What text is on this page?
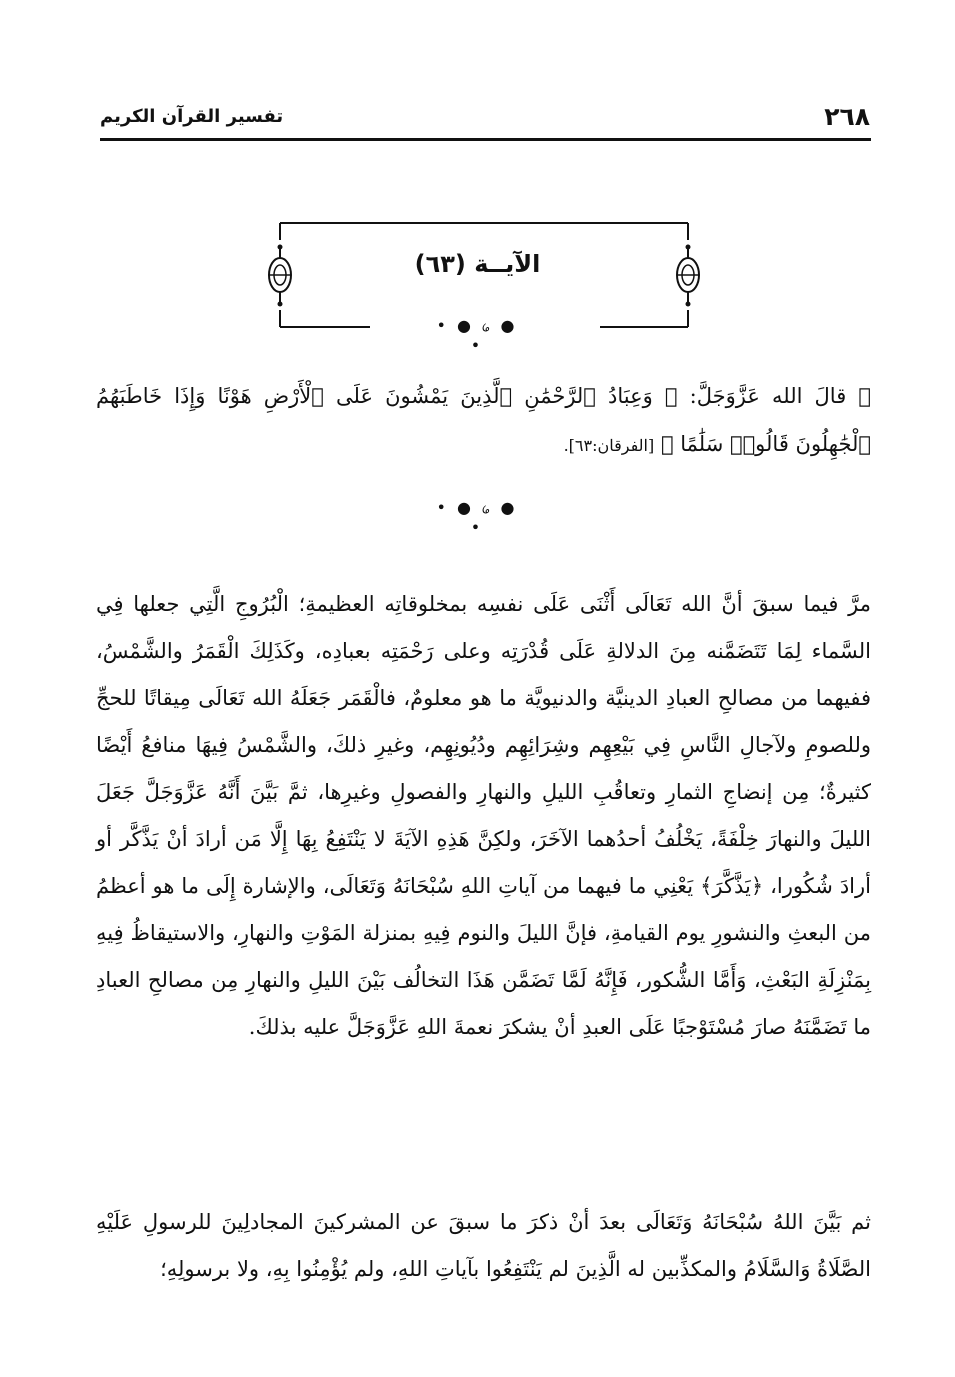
٢٦٨
تفسير القرآن الكريم
الآيــة (٦٣)
• ● ᥀ ● •
۞ قالَ الله عَزَّوَجَلَّ: ﴿ وَعِبَادُ ٱلرَّحْمَٰنِ ٱلَّذِينَ يَمْشُونَ عَلَى ٱلْأَرْضِ هَوْنًا وَإِذَا خَاطَبَهُمُ ٱلْجَٰهِلُونَ قَالُوا۟ سَلَٰمًا ﴾ [الفرقان:٦٣].
• ● ᥀ ● •

مرَّ فيما سبقَ أنَّ الله تَعَالَى أَثْنَى عَلَى نفسِه بمخلوقاتِه العظيمةِ؛ الْبُرُوجِ الَّتِي جعلها فِي السَّماء لِمَا تَتَضَمَّنه مِنَ الدلالةِ عَلَى قُدْرَتِه وعلى رَحْمَتِه بعبادِه، وكَذَلِكَ الْقَمَرُ والشَّمْسُ، ففيهما من مصالحِ العبادِ الدينيَّة والدنيويَّة ما هو معلومٌ، فالْقَمَر جَعَلَهُ الله تَعَالَى مِيقاتًا للحجِّ وللصومِ ولآجالِ النَّاسِ فِي بَيْعِهِم وشِرَائِهِم ودُيُونِهِم، وغيرِ ذلكَ، والشَّمْسُ فِيهَا منافعُ أَيْضًا كثيرةٌ؛ مِن إنضاجِ الثمارِ وتعاقُبِ الليلِ والنهارِ والفصولِ وغيرِها، ثمَّ بَيَّنَ أَنَّهُ عَزَّوَجَلَّ جَعَلَ الليلَ والنهارَ خِلْفَةً، يَخْلُفُ أحدُهما الآخَرَ، ولكِنَّ هَذِهِ الآيَةَ لا يَنْتَفِعُ بِهَا إِلَّا مَن أرادَ أنْ يَذَّكَّر أو أرادَ شُكُورا، ﴿يَذَّكَّرَ﴾ يَعْنِي ما فيهما من آياتِ اللهِ سُبْحَانَهُ وَتَعَالَى، والإشارة إِلَى ما هو أعظمُ من البعثِ والنشورِ يوم القيامةِ، فإنَّ الليلَ والنوم فِيهِ بمنزلة المَوْتِ والنهارِ، والاستيقاظُ فِيهِ بِمَنْزِلَةِ البَعْثِ، وَأَمَّا الشُّكور، فَإِنَّهُ لَمَّا تَضَمَّن هَذَا التخالُف بَيْنَ الليلِ والنهارِ مِن مصالحِ العبادِ ما تَضَمَّنَهُ صارَ مُسْتَوْجبًا عَلَى العبدِ أنْ يشكرَ نعمةَ اللهِ عَزَّوَجَلَّ عليه بذلكَ.

ثم بَيَّنَ اللهُ سُبْحَانَهُ وَتَعَالَى بعدَ أنْ ذكرَ ما سبقَ عن المشركينَ المجادلِينَ للرسولِ عَلَيْهِ الصَّلَاةُ وَالسَّلَامُ والمكذِّبين له الَّذِينَ لم يَنْتَفِعُوا بآياتِ اللهِ، ولم يُؤْمِنُوا بِهِ، ولا برسولِهِ؛
